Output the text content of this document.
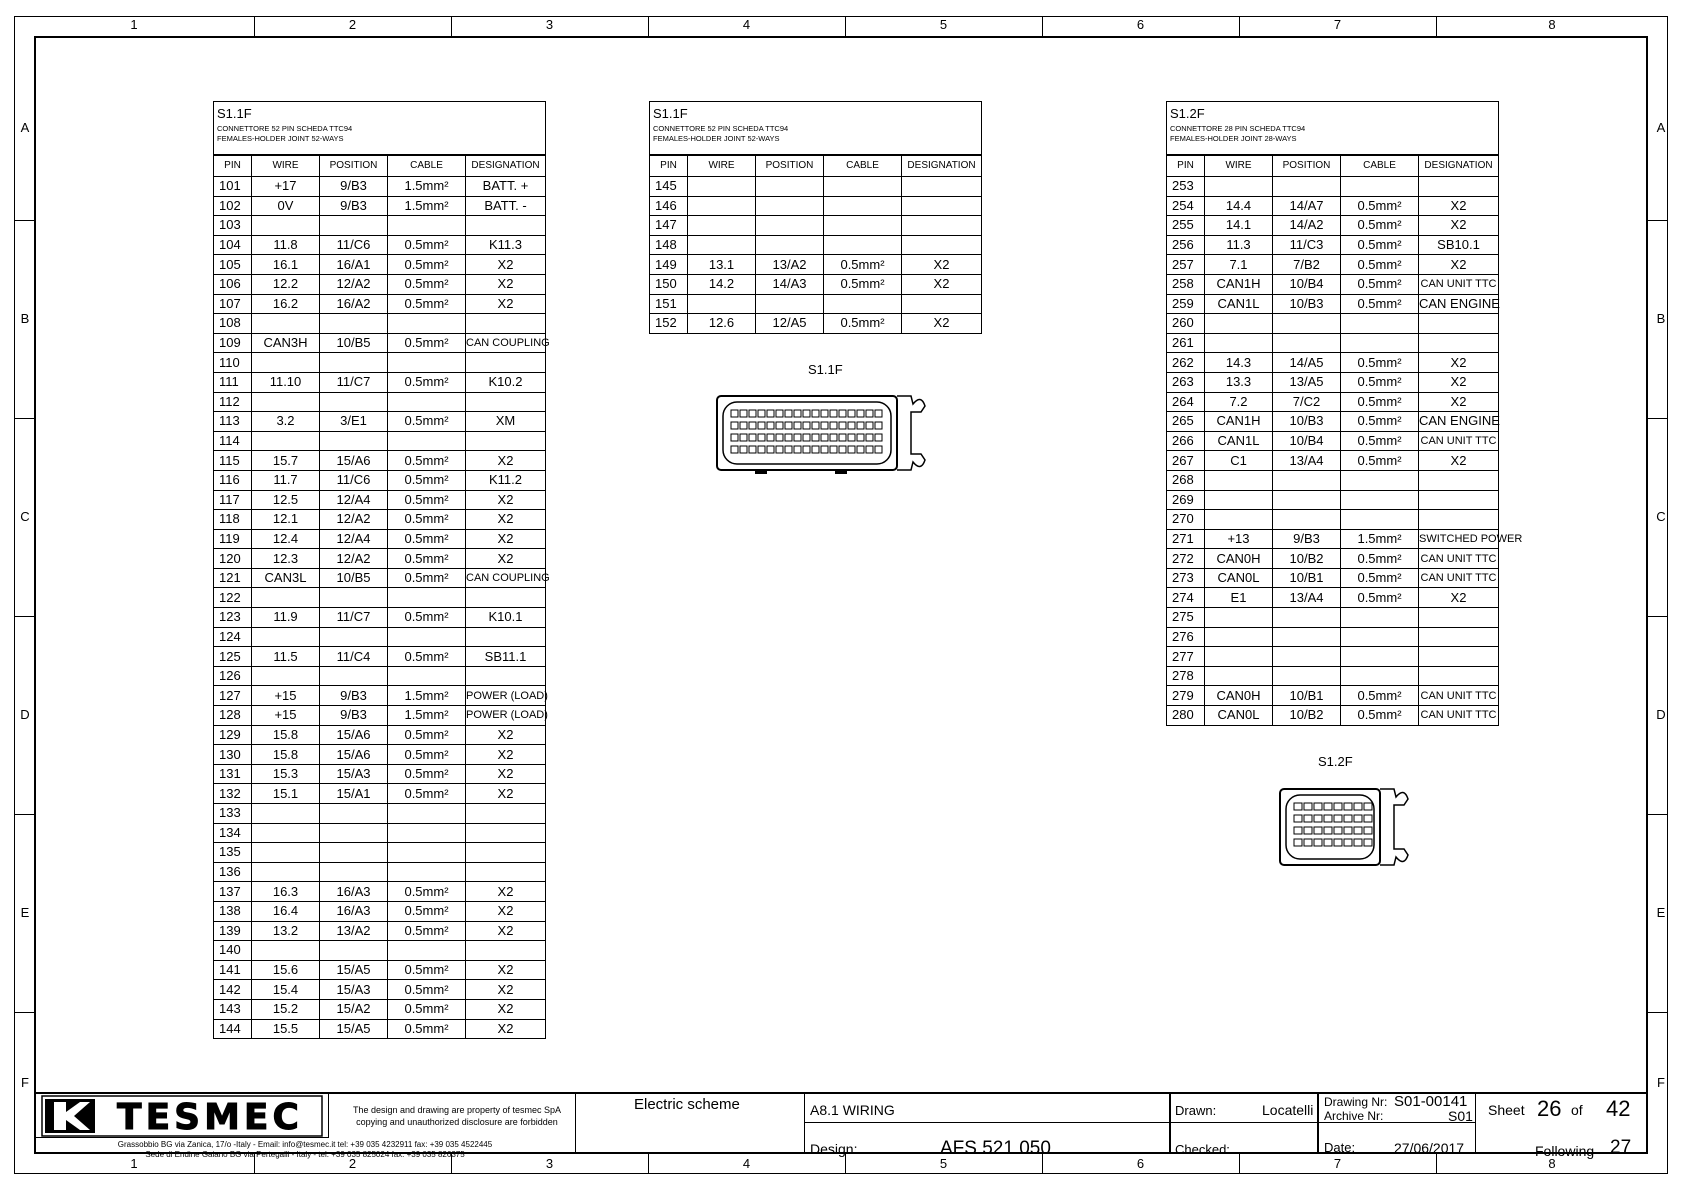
1
1
2
2
3
3
4
4
5
5
6
6
7
7
8
8
A	A
B	B
C	C
D	D
E	E
F	F
S1.1F
CONNETTORE 52 PIN SCHEDA TTC94
FEMALES-HOLDER JOINT 52-WAYS
PIN	WIRE	POSITION	CABLE	DESIGNATION
101	+17	9/B3	1.5mm²	BATT. +
102	0V	9/B3	1.5mm²	BATT. -
103				
104	11.8	11/C6	0.5mm²	K11.3
105	16.1	16/A1	0.5mm²	X2
106	12.2	12/A2	0.5mm²	X2
107	16.2	16/A2	0.5mm²	X2
108				
109	CAN3H	10/B5	0.5mm²	CAN COUPLING
110				
111	11.10	11/C7	0.5mm²	K10.2
112				
113	3.2	3/E1	0.5mm²	XM
114				
115	15.7	15/A6	0.5mm²	X2
116	11.7	11/C6	0.5mm²	K11.2
117	12.5	12/A4	0.5mm²	X2
118	12.1	12/A2	0.5mm²	X2
119	12.4	12/A4	0.5mm²	X2
120	12.3	12/A2	0.5mm²	X2
121	CAN3L	10/B5	0.5mm²	CAN COUPLING
122				
123	11.9	11/C7	0.5mm²	K10.1
124				
125	11.5	11/C4	0.5mm²	SB11.1
126				
127	+15	9/B3	1.5mm²	POWER (LOAD)
128	+15	9/B3	1.5mm²	POWER (LOAD)
129	15.8	15/A6	0.5mm²	X2
130	15.8	15/A6	0.5mm²	X2
131	15.3	15/A3	0.5mm²	X2
132	15.1	15/A1	0.5mm²	X2
133				
134				
135				
136				
137	16.3	16/A3	0.5mm²	X2
138	16.4	16/A3	0.5mm²	X2
139	13.2	13/A2	0.5mm²	X2
140				
141	15.6	15/A5	0.5mm²	X2
142	15.4	15/A3	0.5mm²	X2
143	15.2	15/A2	0.5mm²	X2
144	15.5	15/A5	0.5mm²	X2
S1.1F
CONNETTORE 52 PIN SCHEDA TTC94
FEMALES-HOLDER JOINT 52-WAYS
PIN	WIRE	POSITION	CABLE	DESIGNATION
145				
146				
147				
148				
149	13.1	13/A2	0.5mm²	X2
150	14.2	14/A3	0.5mm²	X2
151				
152	12.6	12/A5	0.5mm²	X2
S1.2F
CONNETTORE 28 PIN SCHEDA TTC94
FEMALES-HOLDER JOINT 28-WAYS
PIN	WIRE	POSITION	CABLE	DESIGNATION
253				
254	14.4	14/A7	0.5mm²	X2
255	14.1	14/A2	0.5mm²	X2
256	11.3	11/C3	0.5mm²	SB10.1
257	7.1	7/B2	0.5mm²	X2
258	CAN1H	10/B4	0.5mm²	CAN UNIT TTC
259	CAN1L	10/B3	0.5mm²	CAN ENGINE
260				
261				
262	14.3	14/A5	0.5mm²	X2
263	13.3	13/A5	0.5mm²	X2
264	7.2	7/C2	0.5mm²	X2
265	CAN1H	10/B3	0.5mm²	CAN ENGINE
266	CAN1L	10/B4	0.5mm²	CAN UNIT TTC
267	C1	13/A4	0.5mm²	X2
268				
269				
270				
271	+13	9/B3	1.5mm²	SWITCHED POWER
272	CAN0H	10/B2	0.5mm²	CAN UNIT TTC
273	CAN0L	10/B1	0.5mm²	CAN UNIT TTC
274	E1	13/A4	0.5mm²	X2
275				
276				
277				
278				
279	CAN0H	10/B1	0.5mm²	CAN UNIT TTC
280	CAN0L	10/B2	0.5mm²	CAN UNIT TTC
S1.1F
S1.2F
TESMEC	The design and drawing are property of tesmec SpA
copying and unauthorized disclosure are forbidden
Grassobbio BG via Zanica, 17/o -Italy - Email: info@tesmec.it tel: +39 035 4232911 fax: +39 035 4522445
Sede di Endine Gaiano BG via Pertegalli - Italy - tel: +39 035 825024 fax: +39 035 826375
Electric scheme	A8.1 WIRING
Design:	AFS 521 050
Drawn:	Locatelli
Checked:
Drawing Nr: S01-00141
Archive Nr:	S01
Date:	27/06/2017
Sheet 26 of 42
Following 27
